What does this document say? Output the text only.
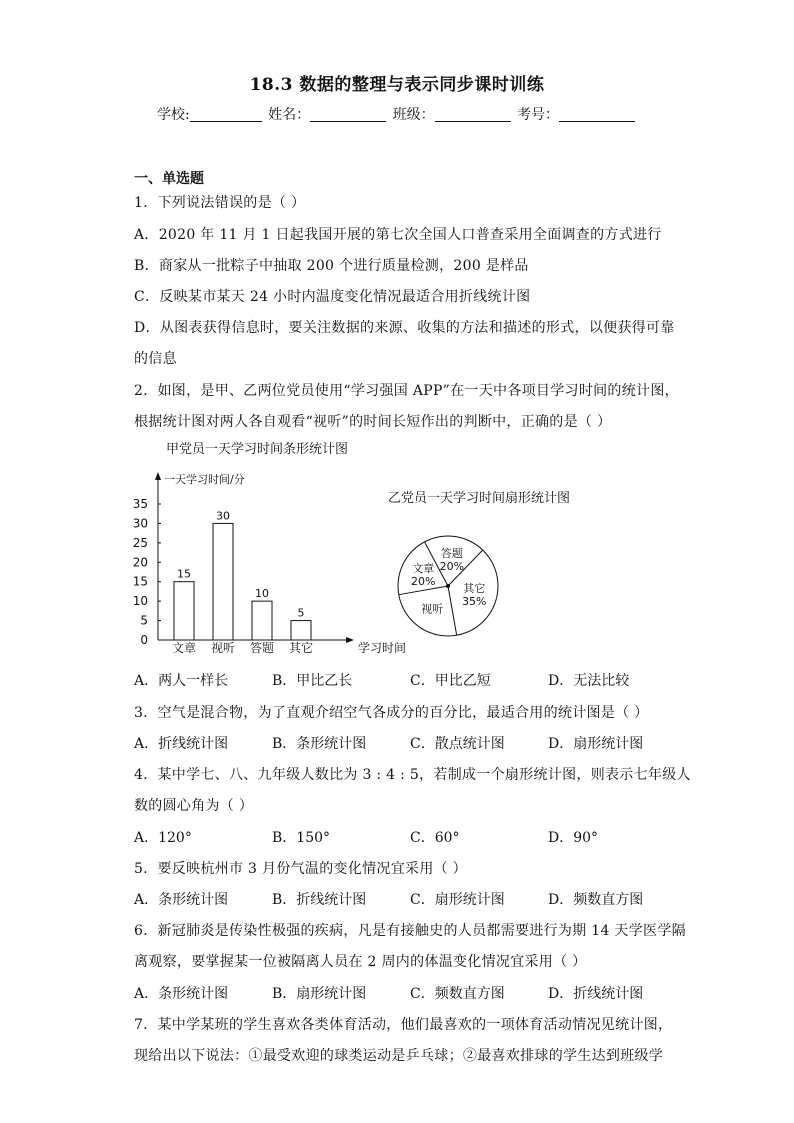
18.3 数据的整理与表示同步课时训练
学校:	姓名：	班级：	考号：
一、单选题
1．下列说法错误的是（ ）
A．2020 年 11 月 1 日起我国开展的第七次全国人口普查采用全面调查的方式进行
B．商家从一批粽子中抽取 200 个进行质量检测，200 是样品
C．反映某市某天 24 小时内温度变化情况最适合用折线统计图
D．从图表获得信息时，要关注数据的来源、收集的方法和描述的形式，以便获得可靠
的信息
2．如图，是甲、乙两位党员使用“学习强国 APP”在一天中各项目学习时间的统计图，
根据统计图对两人各自观看“视听”的时间长短作出的判断中，正确的是（ ）
甲党员一天学习时间条形统计图
一天学习时间/分
学习时间
0
5
10
15
20
25
30
35
15
文章
30
视听
10
答题
5
其它
乙党员一天学习时间扇形统计图
文章
20%
答题
20%
其它
35%
视听
A．两人一样长	B．甲比乙长	C．甲比乙短	D．无法比较
3．空气是混合物，为了直观介绍空气各成分的百分比，最适合用的统计图是（ ）
A．折线统计图	B．条形统计图	C．散点统计图	D．扇形统计图
4．某中学七、八、九年级人数比为 3 : 4 : 5，若制成一个扇形统计图，则表示七年级人
数的圆心角为（ ）
A．120°	B．150°	C．60°	D．90°
5．要反映杭州市 3 月份气温的变化情况宜采用（ ）
A．条形统计图	B．折线统计图	C．扇形统计图	D．频数直方图
6．新冠肺炎是传染性极强的疾病，凡是有接触史的人员都需要进行为期 14 天学医学隔
离观察，要掌握某一位被隔离人员在 2 周内的体温变化情况宜采用（ ）
A．条形统计图	B．扇形统计图	C．频数直方图	D．折线统计图
7．某中学某班的学生喜欢各类体育活动，他们最喜欢的一项体育活动情况见统计图，
现给出以下说法：①最受欢迎的球类运动是乒乓球；②最喜欢排球的学生达到班级学
